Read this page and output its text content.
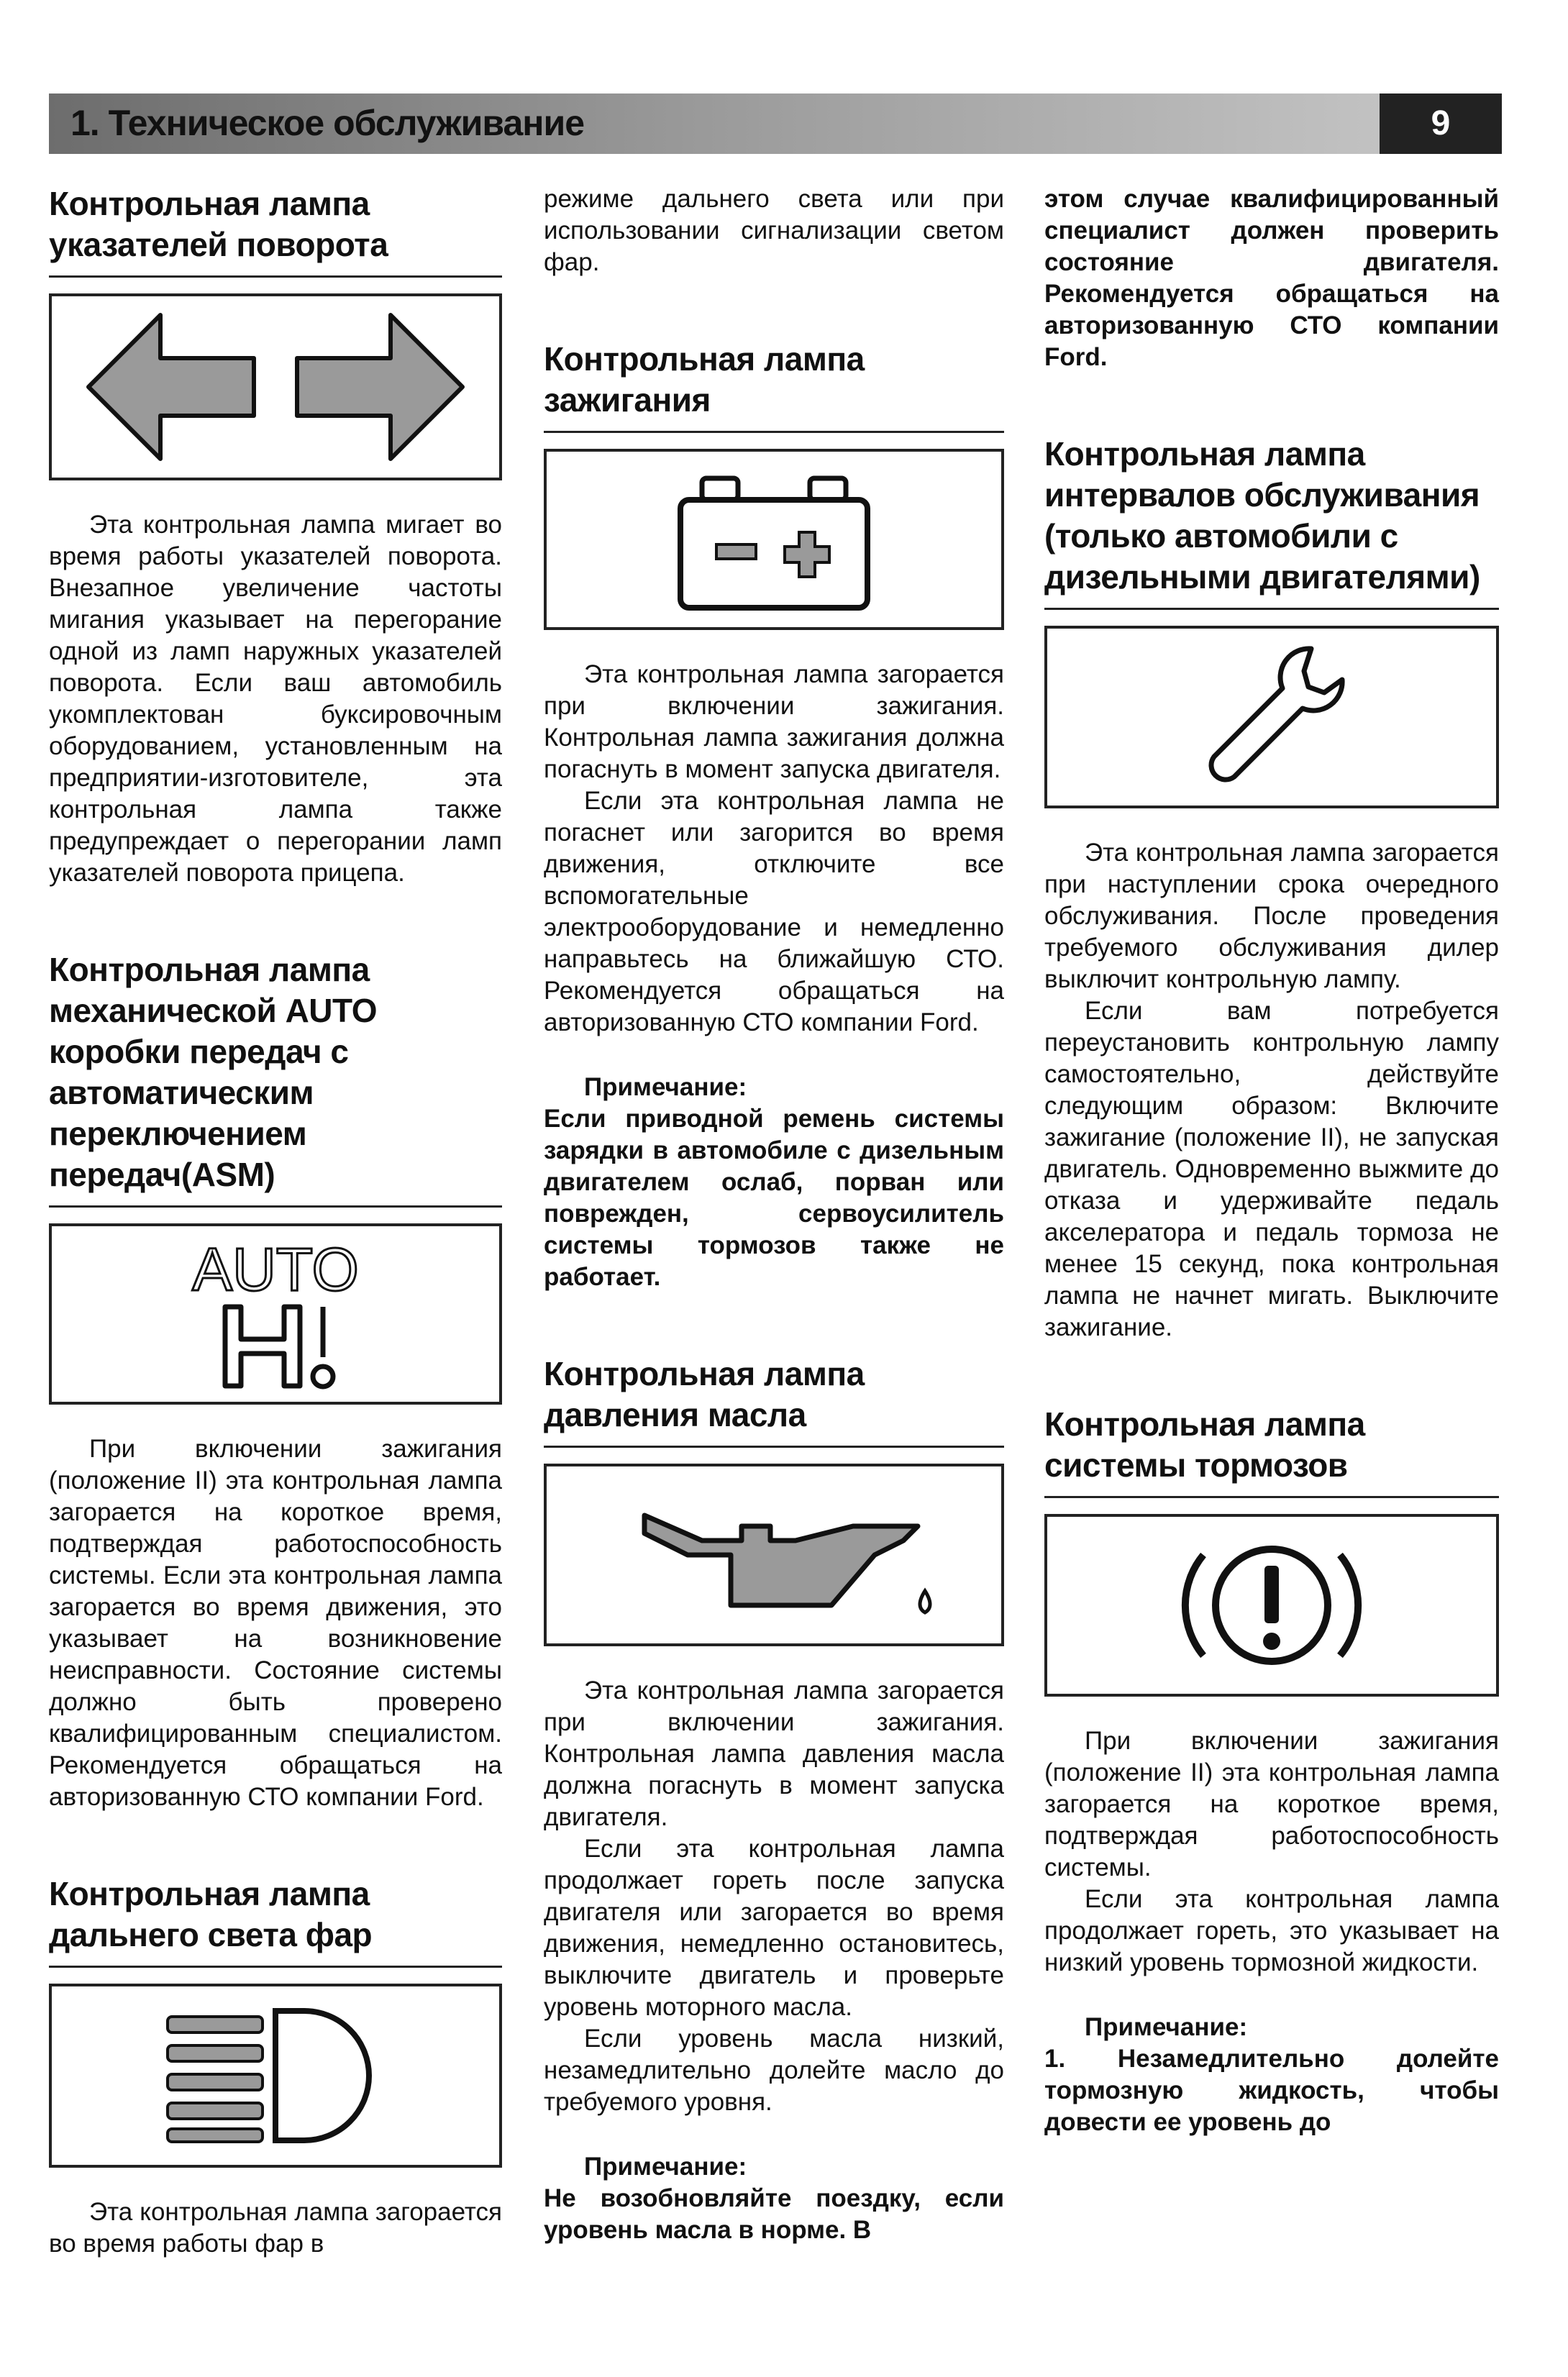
1. Техническое обслуживание	9
Контрольная лампа указателей поворота

Эта контрольная лампа мигает во время работы указателей поворота. Внезапное увеличение частоты мигания указывает на перегорание одной из ламп наружных указателей поворота. Если ваш автомобиль укомплектован буксировочным оборудованием, установленным на предприятии-изготовителе, эта контрольная лампа также предупреждает о перегорании ламп указателей поворота прицепа.

Контрольная лампа механической AUTO коробки передач с автоматическим переключением передач(ASM)
AUTO

При включении зажигания (положение II) эта контрольная лампа загорается на короткое время, подтверждая работоспособность системы. Если эта контрольная лампа загорается во время движения, это указывает на возникновение неисправности. Состояние системы должно быть проверено квалифицированным специалистом. Рекомендуется обращаться на авторизованную СТО компании Ford.

Контрольная лампа дальнего света фар

Эта контрольная лампа загорается во время работы фар в

режиме дальнего света или при использовании сигнализации светом фар.

Контрольная лампа зажигания

Эта контрольная лампа загорается при включении зажигания. Контрольная лампа зажигания должна погаснуть в момент запуска двигателя.

Если эта контрольная лампа не погаснет или загорится во время движения, отключите все вспомогательные электрооборудование и немедленно направьтесь на ближайшую СТО. Рекомендуется обращаться на авторизованную СТО компании Ford.

Примечание:

Если приводной ремень системы зарядки в автомобиле с дизельным двигателем ослаб, порван или поврежден, сервоусилитель системы тормозов также не работает.

Контрольная лампа давления масла

Эта контрольная лампа загорается при включении зажигания. Контрольная лампа давления масла должна погаснуть в момент запуска двигателя.

Если эта контрольная лампа продолжает гореть после запуска двигателя или загорается во время движения, немедленно остановитесь, выключите двигатель и проверьте уровень моторного масла.

Если уровень масла низкий, незамедлительно долейте масло до требуемого уровня.

Примечание:

Не возобновляйте поездку, если уровень масла в норме. В

этом случае квалифицированный специалист должен проверить состояние двигателя. Рекомендуется обращаться на авторизованную СТО компании Ford.

Контрольная лампа интервалов обслуживания (только автомобили с дизельными двигателями)

Эта контрольная лампа загорается при наступлении срока очередного обслуживания. После проведения требуемого обслуживания дилер выключит контрольную лампу.

Если вам потребуется переустановить контрольную лампу самостоятельно, действуйте следующим образом: Включите зажигание (положение II), не запуская двигатель. Одновременно выжмите до отказа и удерживайте педаль акселератора и педаль тормоза не менее 15 секунд, пока контрольная лампа не начнет мигать. Выключите зажигание.

Контрольная лампа системы тормозов

При включении зажигания (положение II) эта контрольная лампа загорается на короткое время, подтверждая работоспособность системы.

Если эта контрольная лампа продолжает гореть, это указывает на низкий уровень тормозной жидкости.

Примечание:

1. Незамедлительно долейте тормозную жидкость, чтобы довести ее уровень до
